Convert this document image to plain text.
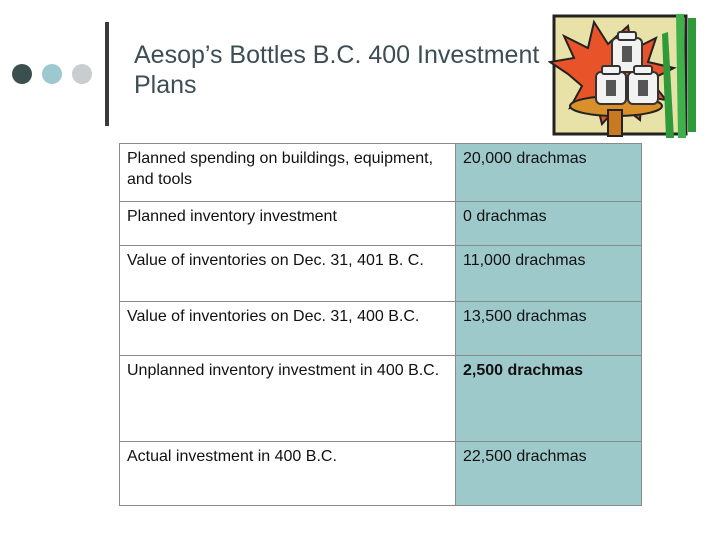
Aesop’s Bottles B.C. 400 Investment Plans
Planned spending on buildings, equipment, and tools	20,000 drachmas
Planned inventory investment	0 drachmas
Value of inventories on Dec. 31, 401 B. C.	11,000 drachmas
Value of inventories on Dec. 31, 400 B.C.	13,500 drachmas
Unplanned inventory investment in 400 B.C.	2,500 drachmas
Actual investment in 400 B.C.	22,500 drachmas
